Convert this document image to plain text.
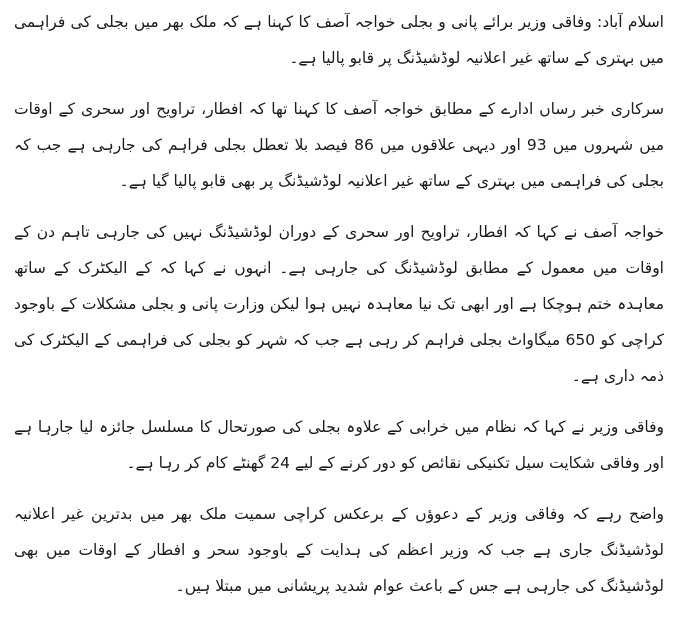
اسلام آباد: وفاقی وزیر برائے پانی و بجلی خواجہ آصف کا کہنا ہے کہ ملک بھر میں بجلی کی فراہمی میں بہتری کے ساتھ غیر اعلانیہ لوڈشیڈنگ پر قابو پالیا ہے۔

سرکاری خبر رساں ادارے کے مطابق خواجہ آصف کا کہنا تھا کہ افطار، تراویح اور سحری کے اوقات میں شہروں میں 93 اور دیہی علاقوں میں 86 فیصد بلا تعطل بجلی فراہم کی جارہی ہے جب کہ بجلی کی فراہمی میں بہتری کے ساتھ غیر اعلانیہ لوڈشیڈنگ پر بھی قابو پالیا گیا ہے۔

خواجہ آصف نے کہا کہ افطار، تراویح اور سحری کے دوران لوڈشیڈنگ نہیں کی جارہی تاہم دن کے اوقات میں معمول کے مطابق لوڈشیڈنگ کی جارہی ہے۔ انہوں نے کہا کہ کے الیکٹرک کے ساتھ معاہدہ ختم ہوچکا ہے اور ابھی تک نیا معاہدہ نہیں ہوا لیکن وزارت پانی و بجلی مشکلات کے باوجود کراچی کو 650 میگاواٹ بجلی فراہم کر رہی ہے جب کہ شہر کو بجلی کی فراہمی کے الیکٹرک کی ذمہ داری ہے۔

وفاقی وزیر نے کہا کہ نظام میں خرابی کے علاوہ بجلی کی صورتحال کا مسلسل جائزہ لیا جارہا ہے اور وفاقی شکایت سیل تکنیکی نقائص کو دور کرنے کے لیے 24 گھنٹے کام کر رہا ہے۔

واضح رہے کہ وفاقی وزیر کے دعوؤں کے برعکس کراچی سمیت ملک بھر میں بدترین غیر اعلانیہ لوڈشیڈنگ جاری ہے جب کہ وزیر اعظم کی ہدایت کے باوجود سحر و افطار کے اوقات میں بھی لوڈشیڈنگ کی جارہی ہے جس کے باعث عوام شدید پریشانی میں مبتلا ہیں۔
